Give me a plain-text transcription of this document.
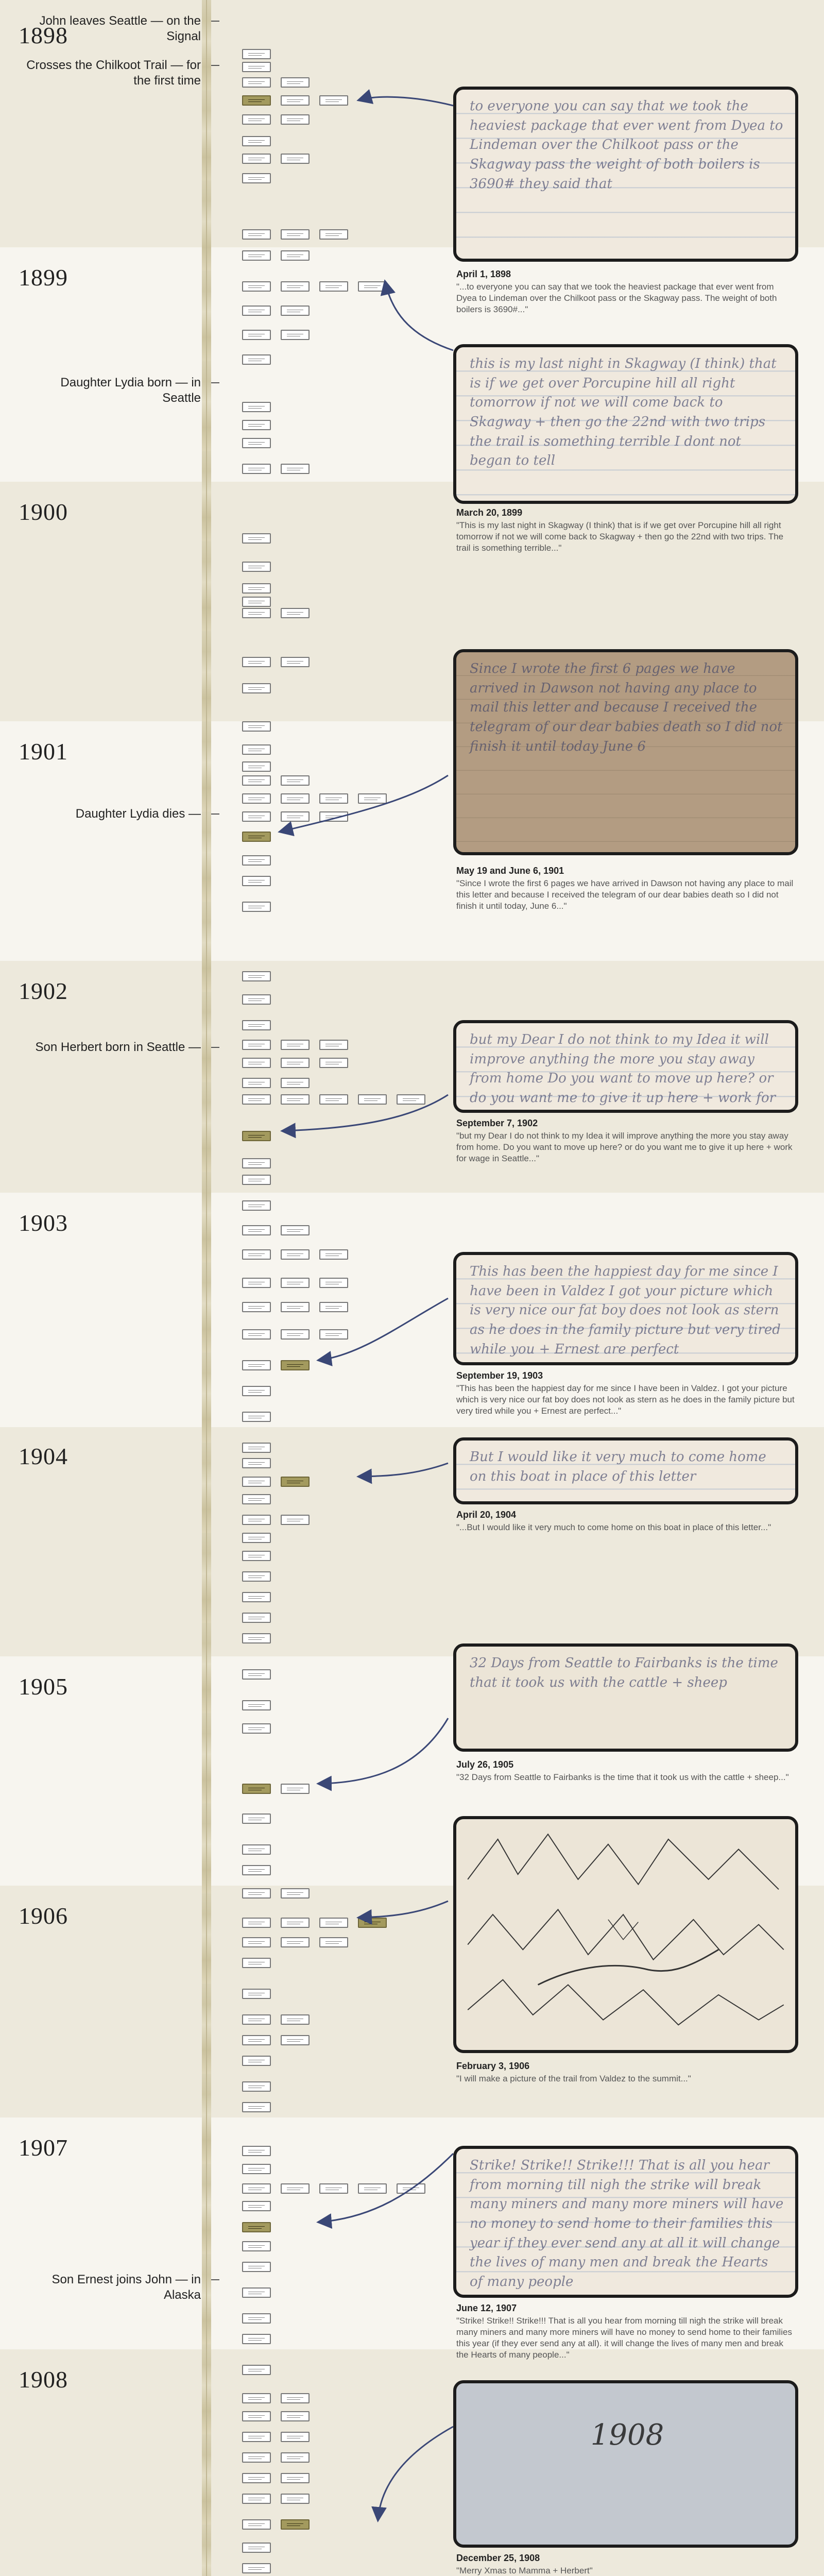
1898
1899
1900
1901
1902
1903
1904
1905
1906
1907
1908
John leaves Seattle — on the Signal
Crosses the Chilkoot Trail — for the first time
Daughter Lydia born — in Seattle
Daughter Lydia dies —
Son Herbert born in Seattle —
Son Ernest joins John — in Alaska
to everyone you can say that we took the heaviest package that ever went from Dyea to Lindeman over the Chilkoot pass or the Skagway pass the weight of both boilers is 3690# they said that
April 1, 1898
"...to everyone you can say that we took the heaviest package that ever went from Dyea to Lindeman over the Chilkoot pass or the Skagway pass. The weight of both boilers is 3690#..."
this is my last night in Skagway (I think) that is if we get over Porcupine hill all right tomorrow if not we will come back to Skagway + then go the 22nd with two trips the trail is something terrible I dont not began to tell
March 20, 1899
"This is my last night in Skagway (I think) that is if we get over Porcupine hill all right tomorrow if not we will come back to Skagway + then go the 22nd with two trips. The trail is something terrible..."
Since I wrote the first 6 pages we have arrived in Dawson not having any place to mail this letter and because I received the telegram of our dear babies death so I did not finish it until today June 6
May 19 and June 6, 1901
"Since I wrote the first 6 pages we have arrived in Dawson not having any place to mail this letter and because I received the telegram of our dear babies death so I did not finish it until today, June 6..."
but my Dear I do not think to my Idea it will improve anything the more you stay away from home Do you want to move up here? or do you want me to give it up here + work for
September 7, 1902
"but my Dear I do not think to my Idea it will improve anything the more you stay away from home. Do you want to move up here? or do you want me to give it up here + work for wage in Seattle..."
This has been the happiest day for me since I have been in Valdez I got your picture which is very nice our fat boy does not look as stern as he does in the family picture but very tired while you + Ernest are perfect
September 19, 1903
"This has been the happiest day for me since I have been in Valdez. I got your picture which is very nice our fat boy does not look as stern as he does in the family picture but very tired while you + Ernest are perfect..."
But I would like it very much to come home on this boat in place of this letter
April 20, 1904
"...But I would like it very much to come home on this boat in place of this letter..."
32 Days from Seattle to Fairbanks is the time that it took us with the cattle + sheep
July 26, 1905
"32 Days from Seattle to Fairbanks is the time that it took us with the cattle + sheep..."
February 3, 1906
"I will make a picture of the trail from Valdez to the summit..."
Strike! Strike!! Strike!!! That is all you hear from morning till nigh the strike will break many miners and many more miners will have no money to send home to their families this year if they ever send any at all it will change the lives of many men and break the Hearts of many people
June 12, 1907
"Strike! Strike!! Strike!!! That is all you hear from morning till nigh the strike will break many miners and many more miners will have no money to send home to their families this year (if they ever send any at all). it will change the lives of many men and break the Hearts of many people..."
1908
December 25, 1908
"Merry Xmas to Mamma + Herbert"
